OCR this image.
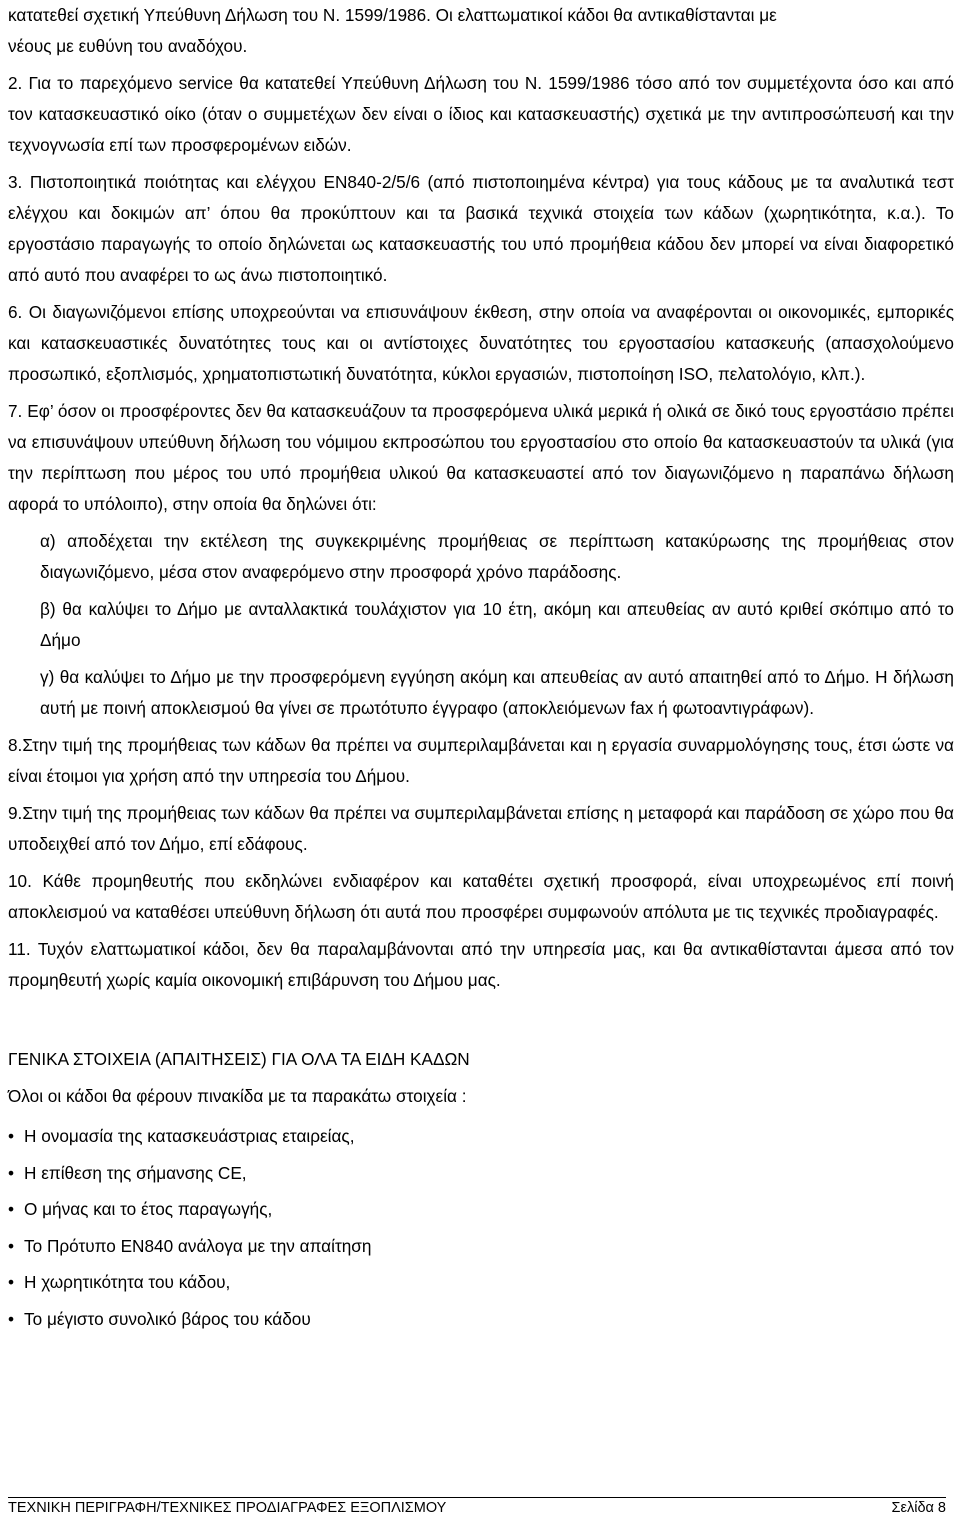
κατατεθεί σχετική Υπεύθυνη Δήλωση του Ν. 1599/1986. Οι ελαττωματικοί κάδοι θα αντικαθίστανται με

νέους με ευθύνη του αναδόχου.

2. Για το παρεχόμενο service θα κατατεθεί Υπεύθυνη Δήλωση του Ν. 1599/1986 τόσο από τον συμμετέχοντα όσο και από τον κατασκευαστικό οίκο (όταν ο συμμετέχων δεν είναι ο ίδιος και κατασκευαστής) σχετικά με την αντιπροσώπευσή και την τεχνογνωσία επί των προσφερομένων ειδών.

3. Πιστοποιητικά ποιότητας και ελέγχου ΕΝ840-2/5/6 (από πιστοποιημένα κέντρα) για τους κάδους με τα αναλυτικά τεστ ελέγχου και δοκιμών απ’ όπου θα προκύπτουν και τα βασικά τεχνικά στοιχεία των κάδων (χωρητικότητα, κ.α.). Το εργοστάσιο παραγωγής το οποίο δηλώνεται ως κατασκευαστής του υπό προμήθεια κάδου δεν μπορεί να είναι διαφορετικό από αυτό που αναφέρει το ως άνω πιστοποιητικό.

6. Οι διαγωνιζόμενοι επίσης υποχρεούνται να επισυνάψουν έκθεση, στην οποία να αναφέρονται οι οικονομικές, εμπορικές και κατασκευαστικές δυνατότητες τους και οι αντίστοιχες δυνατότητες του εργοστασίου κατασκευής (απασχολούμενο προσωπικό, εξοπλισμός, χρηματοπιστωτική δυνατότητα, κύκλοι εργασιών, πιστοποίηση ISO, πελατολόγιο, κλπ.).

7. Εφ’ όσον οι προσφέροντες δεν θα κατασκευάζουν τα προσφερόμενα υλικά μερικά ή ολικά σε δικό τους εργοστάσιο πρέπει να επισυνάψουν υπεύθυνη δήλωση του νόμιμου εκπροσώπου του εργοστασίου στο οποίο θα κατασκευαστούν τα υλικά (για την περίπτωση που μέρος του υπό προμήθεια υλικού θα κατασκευαστεί από τον διαγωνιζόμενο η παραπάνω δήλωση αφορά το υπόλοιπο), στην οποία θα δηλώνει ότι:

α) αποδέχεται την εκτέλεση της συγκεκριμένης προμήθειας σε περίπτωση κατακύρωσης της προμήθειας στον διαγωνιζόμενο, μέσα στον αναφερόμενο στην προσφορά χρόνο παράδοσης.

β) θα καλύψει το Δήμο με ανταλλακτικά τουλάχιστον για 10 έτη, ακόμη και απευθείας αν αυτό κριθεί σκόπιμο από το Δήμο

γ) θα καλύψει το Δήμο με την προσφερόμενη εγγύηση ακόμη και απευθείας αν αυτό απαιτηθεί από το Δήμο. Η δήλωση αυτή με ποινή αποκλεισμού θα γίνει σε πρωτότυπο έγγραφο (αποκλειόμενων fax ή φωτοαντιγράφων).

8.Στην τιμή της προμήθειας των κάδων θα πρέπει να συμπεριλαμβάνεται και η εργασία συναρμολόγησης τους, έτσι ώστε να είναι έτοιμοι για χρήση από την υπηρεσία του Δήμου.

9.Στην τιμή της προμήθειας των κάδων θα πρέπει να συμπεριλαμβάνεται επίσης η μεταφορά και παράδοση σε χώρο που θα υποδειχθεί από τον Δήμο, επί εδάφους.

10. Κάθε προμηθευτής που εκδηλώνει ενδιαφέρον και καταθέτει σχετική προσφορά, είναι υποχρεωμένος επί ποινή αποκλεισμού να καταθέσει υπεύθυνη δήλωση ότι αυτά που προσφέρει συμφωνούν απόλυτα με τις τεχνικές προδιαγραφές.

11. Τυχόν ελαττωματικοί κάδοι, δεν θα παραλαμβάνονται από την υπηρεσία μας, και θα αντικαθίστανται άμεσα από τον προμηθευτή χωρίς καμία οικονομική επιβάρυνση του Δήμου μας.

ΓΕΝΙΚΑ ΣΤΟΙΧΕΙΑ (ΑΠΑΙΤΗΣΕΙΣ) ΓΙΑ ΟΛΑ ΤΑ ΕΙΔΗ ΚΑΔΩΝ

Όλοι οι κάδοι θα φέρουν πινακίδα με τα παρακάτω στοιχεία :

• Η ονομασία της κατασκευάστριας εταιρείας,
• Η επίθεση της σήμανσης CE,
• Ο μήνας και το έτος παραγωγής,
• Το Πρότυπο ΕΝ840 ανάλογα με την απαίτηση
• Η χωρητικότητα του κάδου,
• Το μέγιστο συνολικό βάρος του κάδου
ΤΕΧΝΙΚΗ ΠΕΡΙΓΡΑΦΗ/ΤΕΧΝΙΚΕΣ ΠΡΟΔΙΑΓΡΑΦΕΣ ΕΞΟΠΛΙΣΜΟΥ	Σελίδα 8
